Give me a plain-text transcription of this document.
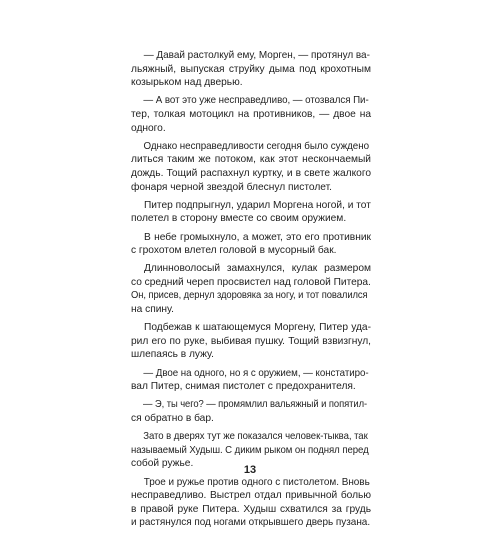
— Давай растолкуй ему, Морген, — протянул ва-
льяжный, выпуская струйку дыма под крохотным
козырьком над дверью.
— А вот это уже несправедливо, — отозвался Пи-
тер, толкая мотоцикл на противников, — двое на
одного.
Однако несправедливости сегодня было суждено
литься таким же потоком, как этот нескончаемый
дождь. Тощий распахнул куртку, и в свете жалкого
фонаря черной звездой блеснул пистолет.
Питер подпрыгнул, ударил Моргена ногой, и тот
полетел в сторону вместе со своим оружием.
В небе громыхнуло, а может, это его противник
с грохотом влетел головой в мусорный бак.
Длинноволосый замахнулся, кулак размером
со средний череп просвистел над головой Питера.
Он, присев, дернул здоровяка за ногу, и тот повалился
на спину.
Подбежав к шатающемуся Моргену, Питер уда-
рил его по руке, выбивая пушку. Тощий взвизгнул,
шлепаясь в лужу.
— Двое на одного, но я с оружием, — констатиро-
вал Питер, снимая пистолет с предохранителя.
— Э, ты чего? — промямлил вальяжный и попятил-
ся обратно в бар.
Зато в дверях тут же показался человек-тыква, так
называемый Худыш. С диким рыком он поднял перед
собой ружье.
Трое и ружье против одного с пистолетом. Вновь
несправедливо. Выстрел отдал привычной болью
в правой руке Питера. Худыш схватился за грудь
и растянулся под ногами открывшего дверь пузана.
13
